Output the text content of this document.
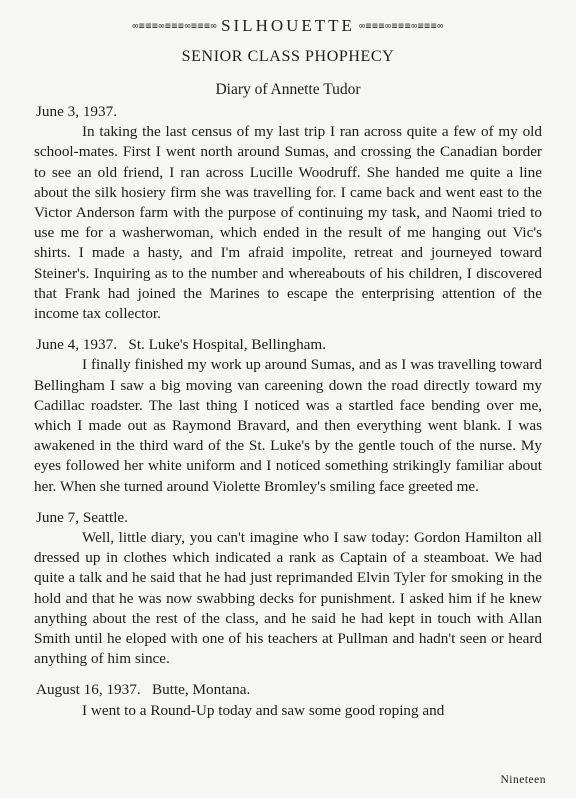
∞≡≡≡∞≡≡≡∞≡≡≡∞ SILHOUETTE ∞≡≡≡∞≡≡≡∞≡≡≡∞
SENIOR CLASS PHOPHECY
Diary of Annette Tudor

June 3, 1937.

In taking the last census of my last trip I ran across quite a few of my old school-mates. First I went north around Sumas, and crossing the Canadian border to see an old friend, I ran across Lucille Woodruff. She handed me quite a line about the silk hosiery firm she was travelling for. I came back and went east to the Victor Anderson farm with the purpose of continuing my task, and Naomi tried to use me for a washerwoman, which ended in the result of me hanging out Vic's shirts. I made a hasty, and I'm afraid impolite, retreat and journeyed toward Steiner's. Inquiring as to the number and whereabouts of his children, I discovered that Frank had joined the Marines to escape the enterprising attention of the income tax collector.

June 4, 1937.   St. Luke's Hospital, Bellingham.

I finally finished my work up around Sumas, and as I was travelling toward Bellingham I saw a big moving van careening down the road directly toward my Cadillac roadster. The last thing I noticed was a startled face bending over me, which I made out as Raymond Bravard, and then everything went blank. I was awakened in the third ward of the St. Luke's by the gentle touch of the nurse. My eyes followed her white uniform and I noticed something strikingly familiar about her. When she turned around Violette Bromley's smiling face greeted me.

June 7, Seattle.

Well, little diary, you can't imagine who I saw today: Gordon Hamilton all dressed up in clothes which indicated a rank as Captain of a steamboat. We had quite a talk and he said that he had just reprimanded Elvin Tyler for smoking in the hold and that he was now swabbing decks for punishment. I asked him if he knew anything about the rest of the class, and he said he had kept in touch with Allan Smith until he eloped with one of his teachers at Pullman and hadn't seen or heard anything of him since.

August 16, 1937.   Butte, Montana.

I went to a Round-Up today and saw some good roping and

Nineteen
